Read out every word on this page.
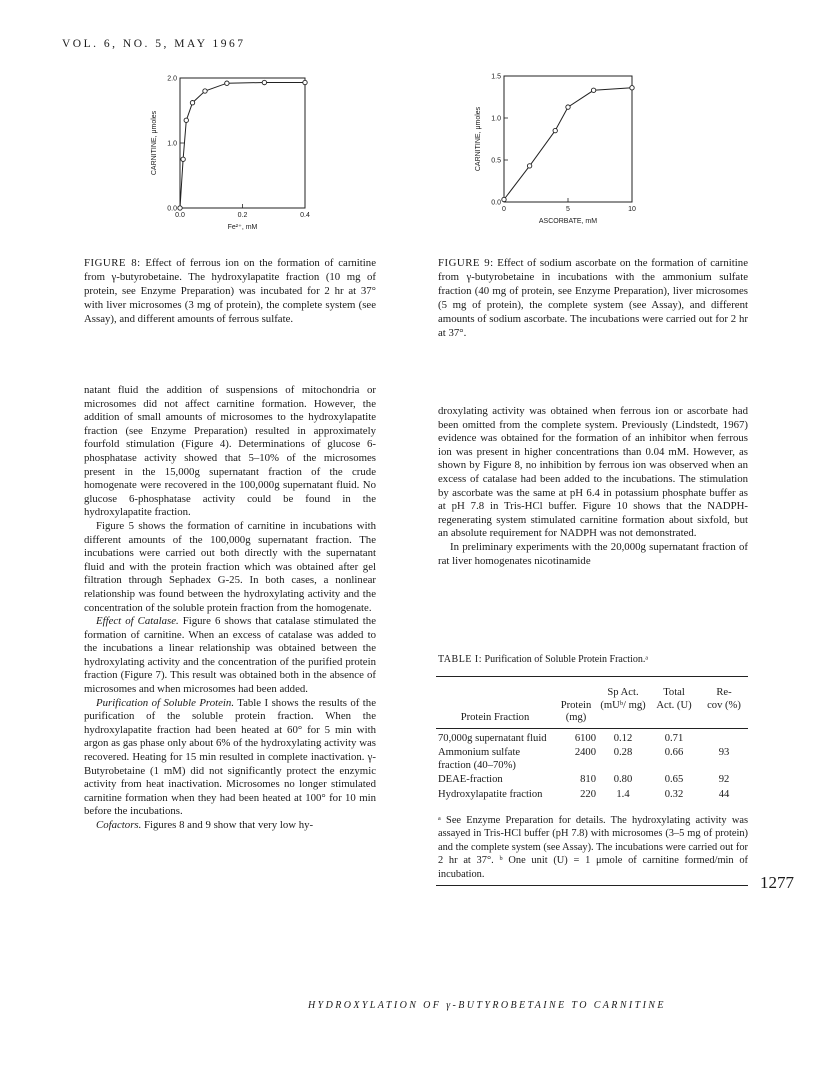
VOL. 6, NO. 5, MAY 1967
0.0	0.2	0.4
0.0
1.0
2.0
Fe²⁺, mM
CARNITINE, μmoles
0	5	10
0.0
0.5
1.0
1.5
ASCORBATE, mM
CARNITINE, μmoles
FIGURE 8: Effect of ferrous ion on the formation of carnitine from γ-butyrobetaine. The hydroxylapatite fraction (10 mg of protein, see Enzyme Preparation) was incubated for 2 hr at 37° with liver microsomes (3 mg of protein), the complete system (see Assay), and different amounts of ferrous sulfate.
FIGURE 9: Effect of sodium ascorbate on the formation of carnitine from γ-butyrobetaine in incubations with the ammonium sulfate fraction (40 mg of protein, see Enzyme Preparation), liver microsomes (5 mg of protein), the complete system (see Assay), and different amounts of sodium ascorbate. The incubations were carried out for 2 hr at 37°.

natant fluid the addition of suspensions of mitochondria or microsomes did not affect carnitine formation. However, the addition of small amounts of microsomes to the hydroxylapatite fraction (see Enzyme Preparation) resulted in approximately fourfold stimulation (Figure 4). Determinations of glucose 6-phosphatase activity showed that 5–10% of the microsomes present in the 15,000g supernatant fraction of the crude homogenate were recovered in the 100,000g supernatant fluid. No glucose 6-phosphatase activity could be found in the hydroxylapatite fraction.

Figure 5 shows the formation of carnitine in incubations with different amounts of the 100,000g supernatant fraction. The incubations were carried out both directly with the supernatant fluid and with the protein fraction which was obtained after gel filtration through Sephadex G-25. In both cases, a nonlinear relationship was found between the hydroxylating activity and the concentration of the soluble protein fraction from the homogenate.

Effect of Catalase. Figure 6 shows that catalase stimulated the formation of carnitine. When an excess of catalase was added to the incubations a linear relationship was obtained between the hydroxylating activity and the concentration of the purified protein fraction (Figure 7). This result was obtained both in the absence of microsomes and when microsomes had been added.

Purification of Soluble Protein. Table I shows the results of the purification of the soluble protein fraction. When the hydroxylapatite fraction had been heated at 60° for 5 min with argon as gas phase only about 6% of the hydroxylating activity was recovered. Heating for 15 min resulted in complete inactivation. γ-Butyrobetaine (1 mM) did not significantly protect the enzymic activity from heat inactivation. Microsomes no longer stimulated carnitine formation when they had been heated at 100° for 10 min before the incubations.

Cofactors. Figures 8 and 9 show that very low hy-

droxylating activity was obtained when ferrous ion or ascorbate had been omitted from the complete system. Previously (Lindstedt, 1967) evidence was obtained for the formation of an inhibitor when ferrous ion was present in higher concentrations than 0.04 mM. However, as shown by Figure 8, no inhibition by ferrous ion was observed when an excess of catalase had been added to the incubations. The stimulation by ascorbate was the same at pH 6.4 in potassium phosphate buffer as at pH 7.8 in Tris-HCl buffer. Figure 10 shows that the NADPH-regenerating system stimulated carnitine formation about sixfold, but an absolute requirement for NADPH was not demonstrated.

In preliminary experiments with the 20,000g supernatant fraction of rat liver homogenates nicotinamide

TABLE I: Purification of Soluble Protein Fraction.ᵃ
		Sp Act.	Total	Re-
Protein Fraction	Protein (mg)	(mUᵇ/ mg)	Act. (U)	cov (%)
70,000g supernatant fluid	6100	0.12	0.71	
Ammonium sulfate fraction (40–70%)	2400	0.28	0.66	93
DEAE-fraction	810	0.80	0.65	92
Hydroxylapatite fraction	220	1.4	0.32	44
ᵃ See Enzyme Preparation for details. The hydroxylating activity was assayed in Tris-HCl buffer (pH 7.8) with microsomes (3–5 mg of protein) and the complete system (see Assay). The incubations were carried out for 2 hr at 37°. ᵇ One unit (U) = 1 μmole of carnitine formed/min of incubation.	1277
HYDROXYLATION OF γ-BUTYROBETAINE TO CARNITINE
